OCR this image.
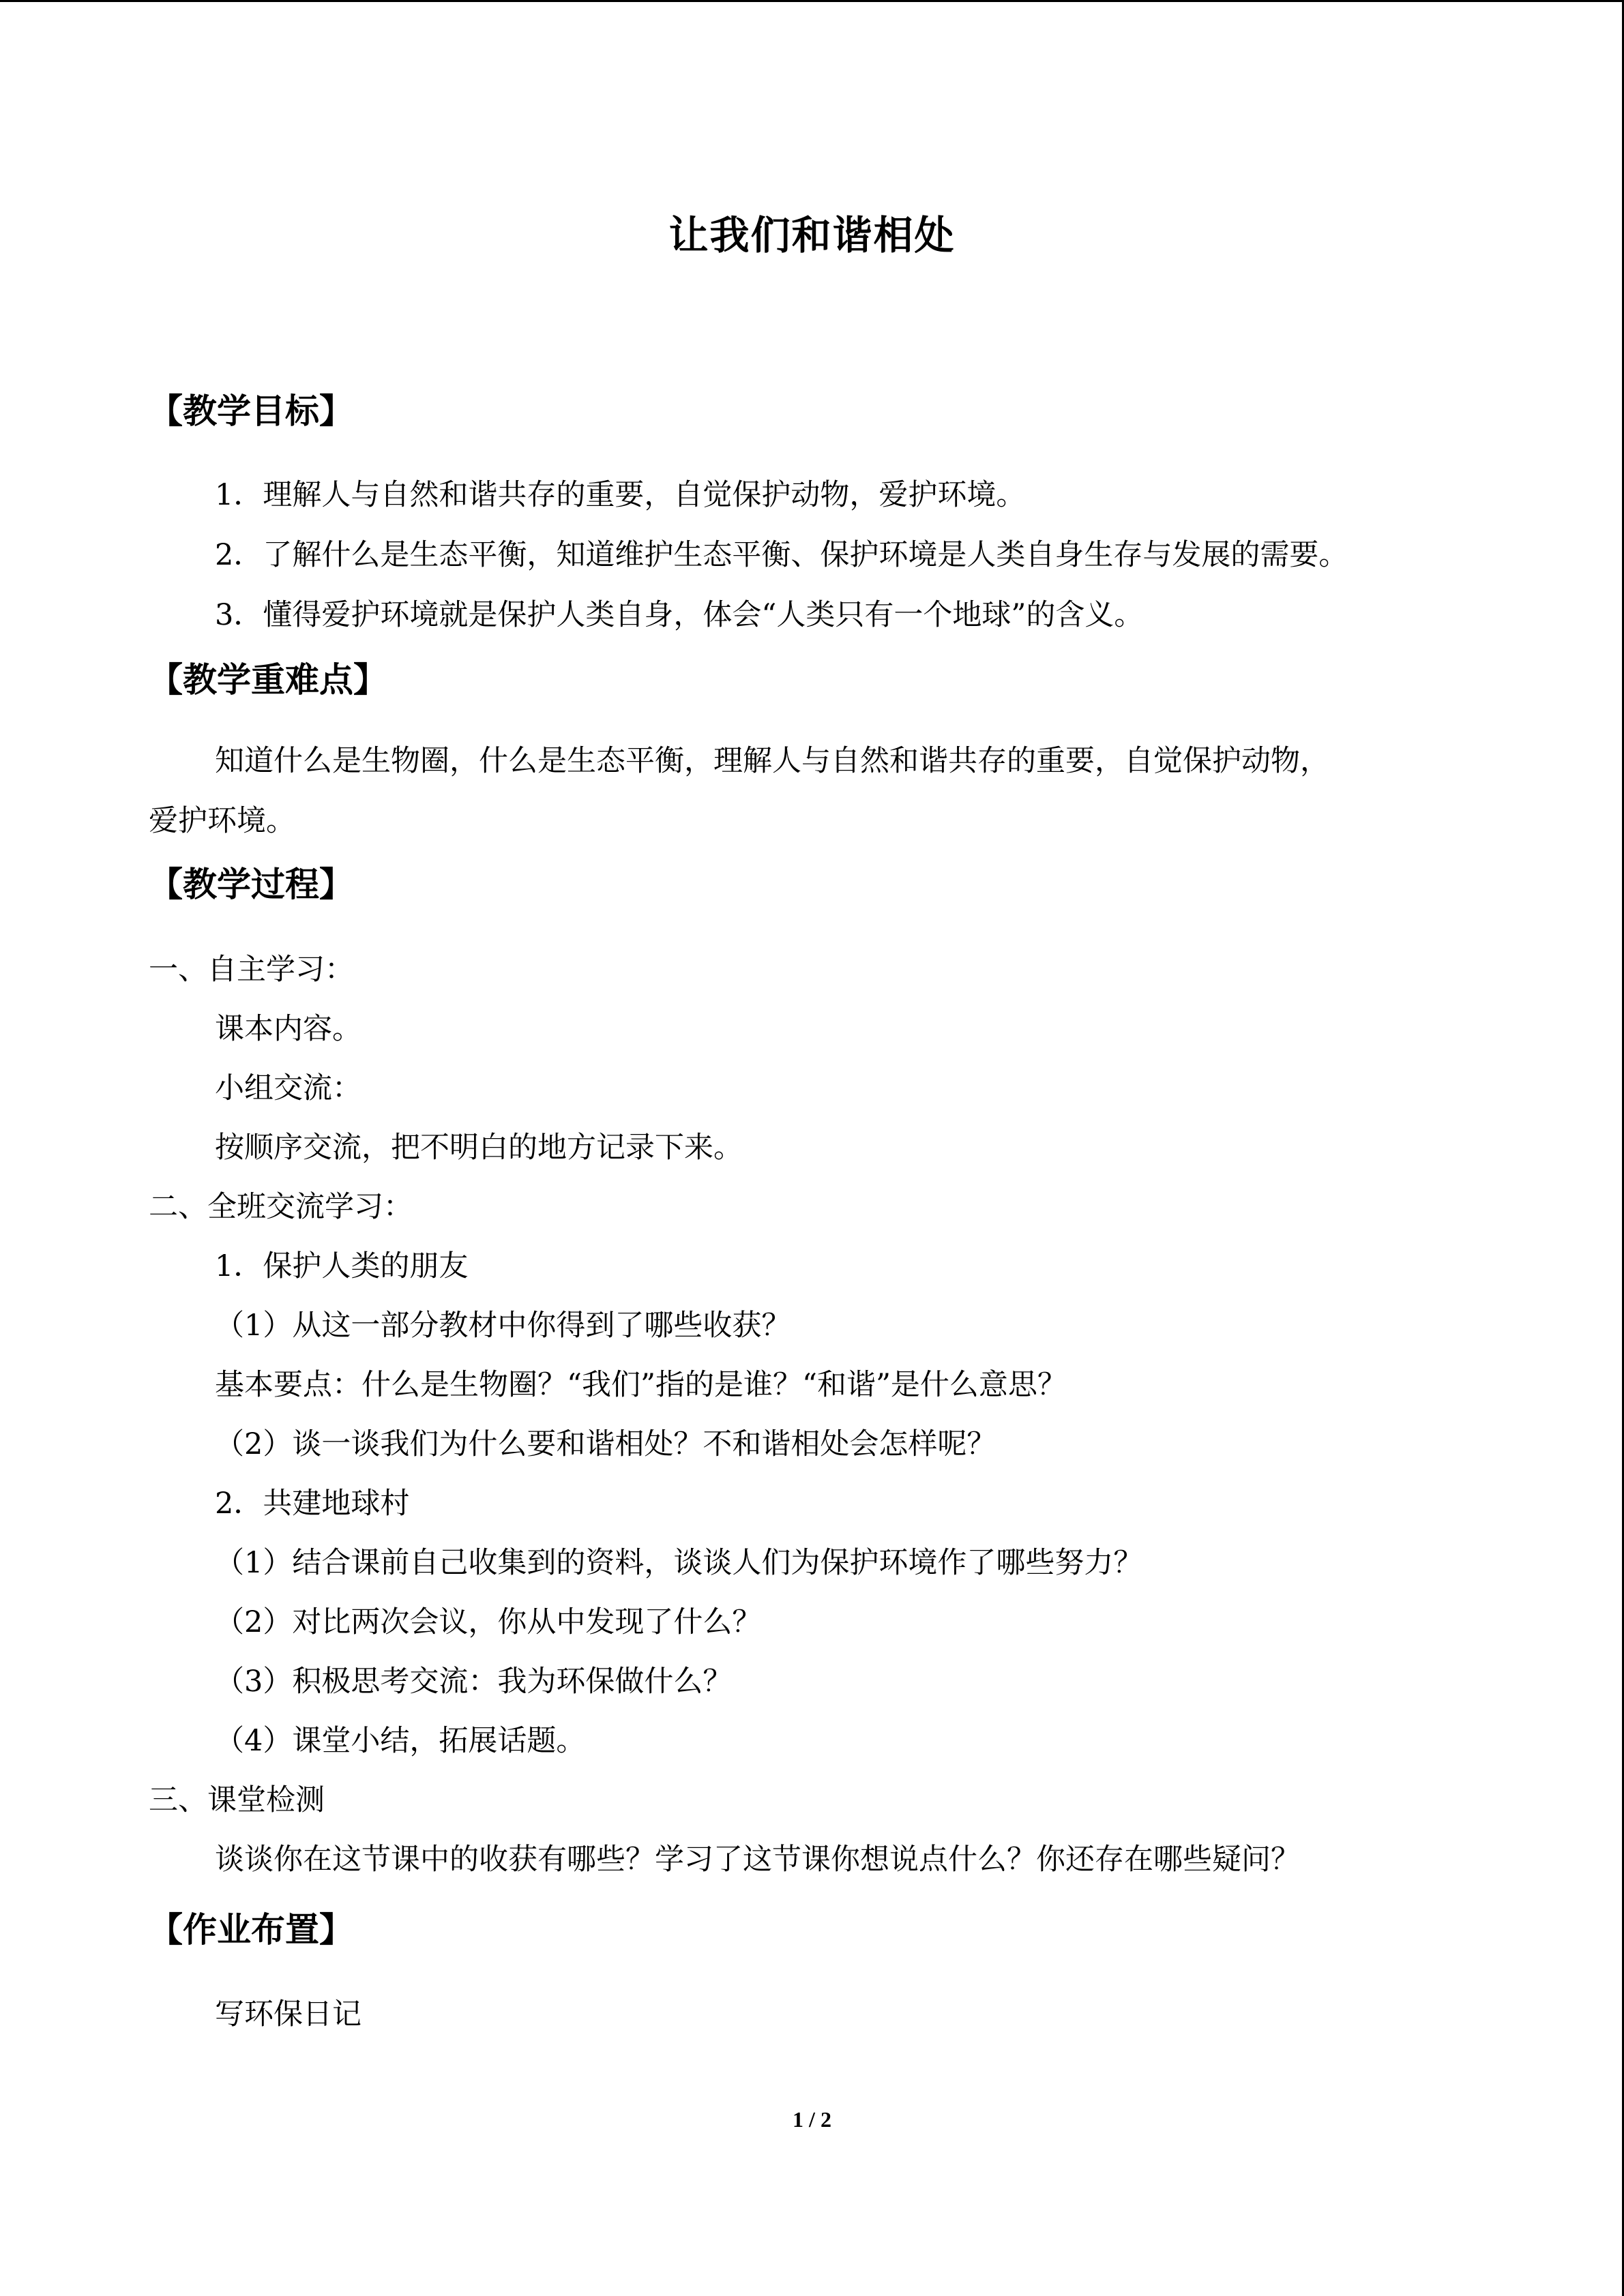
让我们和谐相处
【教学目标】
1．理解人与自然和谐共存的重要，自觉保护动物，爱护环境。
2．了解什么是生态平衡，知道维护生态平衡、保护环境是人类自身生存与发展的需要。
3．懂得爱护环境就是保护人类自身，体会“人类只有一个地球”的含义。
【教学重难点】
知道什么是生物圈，什么是生态平衡，理解人与自然和谐共存的重要，自觉保护动物，
爱护环境。
【教学过程】
一、自主学习：
课本内容。
小组交流：
按顺序交流，把不明白的地方记录下来。
二、全班交流学习：
1．保护人类的朋友
（1）从这一部分教材中你得到了哪些收获？
基本要点：什么是生物圈？“我们”指的是谁？“和谐”是什么意思？
（2）谈一谈我们为什么要和谐相处？不和谐相处会怎样呢？
2．共建地球村
（1）结合课前自己收集到的资料，谈谈人们为保护环境作了哪些努力？
（2）对比两次会议，你从中发现了什么？
（3）积极思考交流：我为环保做什么？
（4）课堂小结，拓展话题。
三、课堂检测
谈谈你在这节课中的收获有哪些？学习了这节课你想说点什么？你还存在哪些疑问？
【作业布置】
写环保日记
1 / 2
